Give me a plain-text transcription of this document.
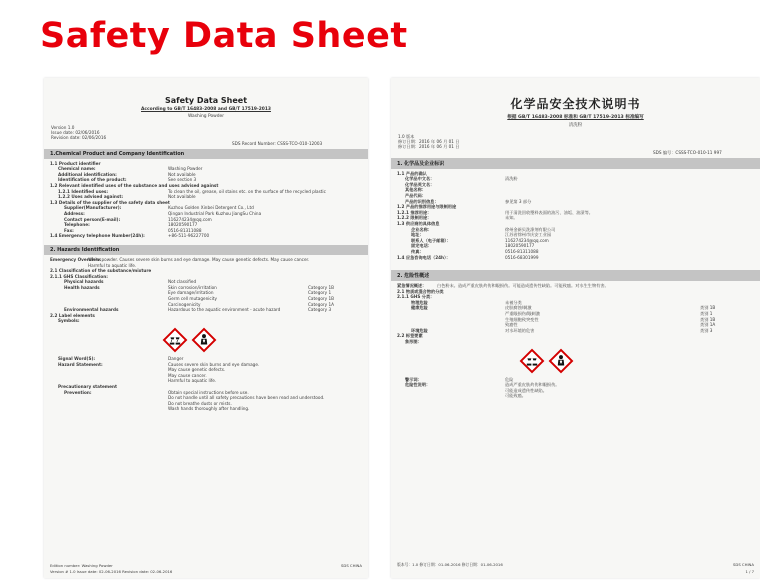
Safety Data Sheet
Safety Data Sheet
According to GB/T 16483-2008 and GB/T 17519-2013
Washing Powder
Version 1.0
Issue date: 02/06/2016
Revision date: 02/06/2016
SDS Record Number: CSSS-TCO-010-12003
1.Chemical Product and Company Identification
1.1 Product identifier
Chemical name:	Washing Powder
Additional identification:	Not available
Identification of the product:	See section 3
1.2 Relevant identified uses of the substance and uses advised against
1.2.1 Identified uses:	To clean the oil, grease, oil stains etc. on the surface of the recycled plastic
1.2.2 Uses advised against:	Not available
1.3 Details of the supplier of the safety data sheet
Supplier(Manufacturer):	Kuzhou Golden Xinbei Detergent Co., Ltd
Address:	Qingan Industrial Park Kuzhou JiangSu China
Contact person(E-mail):	116274234@qq.com
Telephone:	18020590177
Fax:	0516-81311088
1.4 Emergency telephone Number(24h):	+86-511-96227700
2. Hazards Identification
Emergency Overview:
White powder. Causes severe skin burns and eye damage. May cause genetic defects. May cause cancer.
Harmful to aquatic life.
2.1 Classification of the substance/mixture
2.1.1 GHS Classification:
Physical hazards	Not classified
Health hazards	Skin corrosion/irritation	Category 1B
Eye damage/irritation	Category 1
Germ cell mutagenicity	Category 1B
Carcinogenicity	Category 1A
Environmental hazards	Hazardous to the aquatic environment - acute hazard	Category 3
2.2 Label elements
Symbols:
Signal Word(S):	Danger
Hazard Statement:	Causes severe skin burns and eye damage.
May cause genetic defects.
May cause cancer.
Harmful to aquatic life.
Precautionary statement
Prevention:	Obtain special instructions before use.
Do not handle until all safety precautions have been read and understood.
Do not breathe dusts or mists.
Wash hands thoroughly after handling.
Edition number: Washing Powder	SDS CHINA
Version # 1.0 Issue date: 02-06-2016 Revision date: 02-06-2016
化学品安全技术说明书
根据 GB/T 16483-2008 标准和 GB/T 17519-2013 标准编写
清洗粉
1.0 版本
修订日期：2016 年 06 月 01 日
修订日期：2016 年 06 月 01 日
SDS 编号：CSSS-TCO-010-11 997
1. 化学品及企业标识
1.1 产品的确认
化学品中文名：	清洗粉
化学品英文名：
其他名称：
产品代码：
产品的识别信息：	参见第 3 部分
1.2 产品的推荐用途与限制用途
1.2.1 推荐用途：	用于清洗回收塑料表面的油污、油垢、油渍等。
1.2.2 限制用途：	未知。
1.3 供应商的具体信息
企业名称：	徐州金新贝洗涤剂有限公司
地址：	江苏省徐州市庆安工业园
联系人（电子邮箱）：	116274234@qq.com
固定电话：	18020590177
传真：	0516-81311088
1.4 应急咨询电话（24h）：	0516-68301999
2. 危险性概述
紧急情况概述：	白色粉末。造成严重皮肤灼伤和眼损伤。可能造成遗传性缺陷。可能致癌。对水生生物有害。
2.1 物质或混合物的分类
2.1.1 GHS 分类：
物理危险	未被分类
健康危险	皮肤腐蚀/刺激	类别 1B
严重眼损伤/眼刺激	类别 1
生殖细胞致突变性	类别 1B
致癌性	类别 1A
环境危险	对水环境的危害	类别 3
2.2 标签要素
象形图：
警示词：	危险
危险性说明：	造成严重皮肤灼伤和眼损伤。
可能造成遗传性缺陷。
可能致癌。
版本号：1.0 修订日期：01-06-2016 修订日期：01-06-2016	SDS CHINA
1 / 7
